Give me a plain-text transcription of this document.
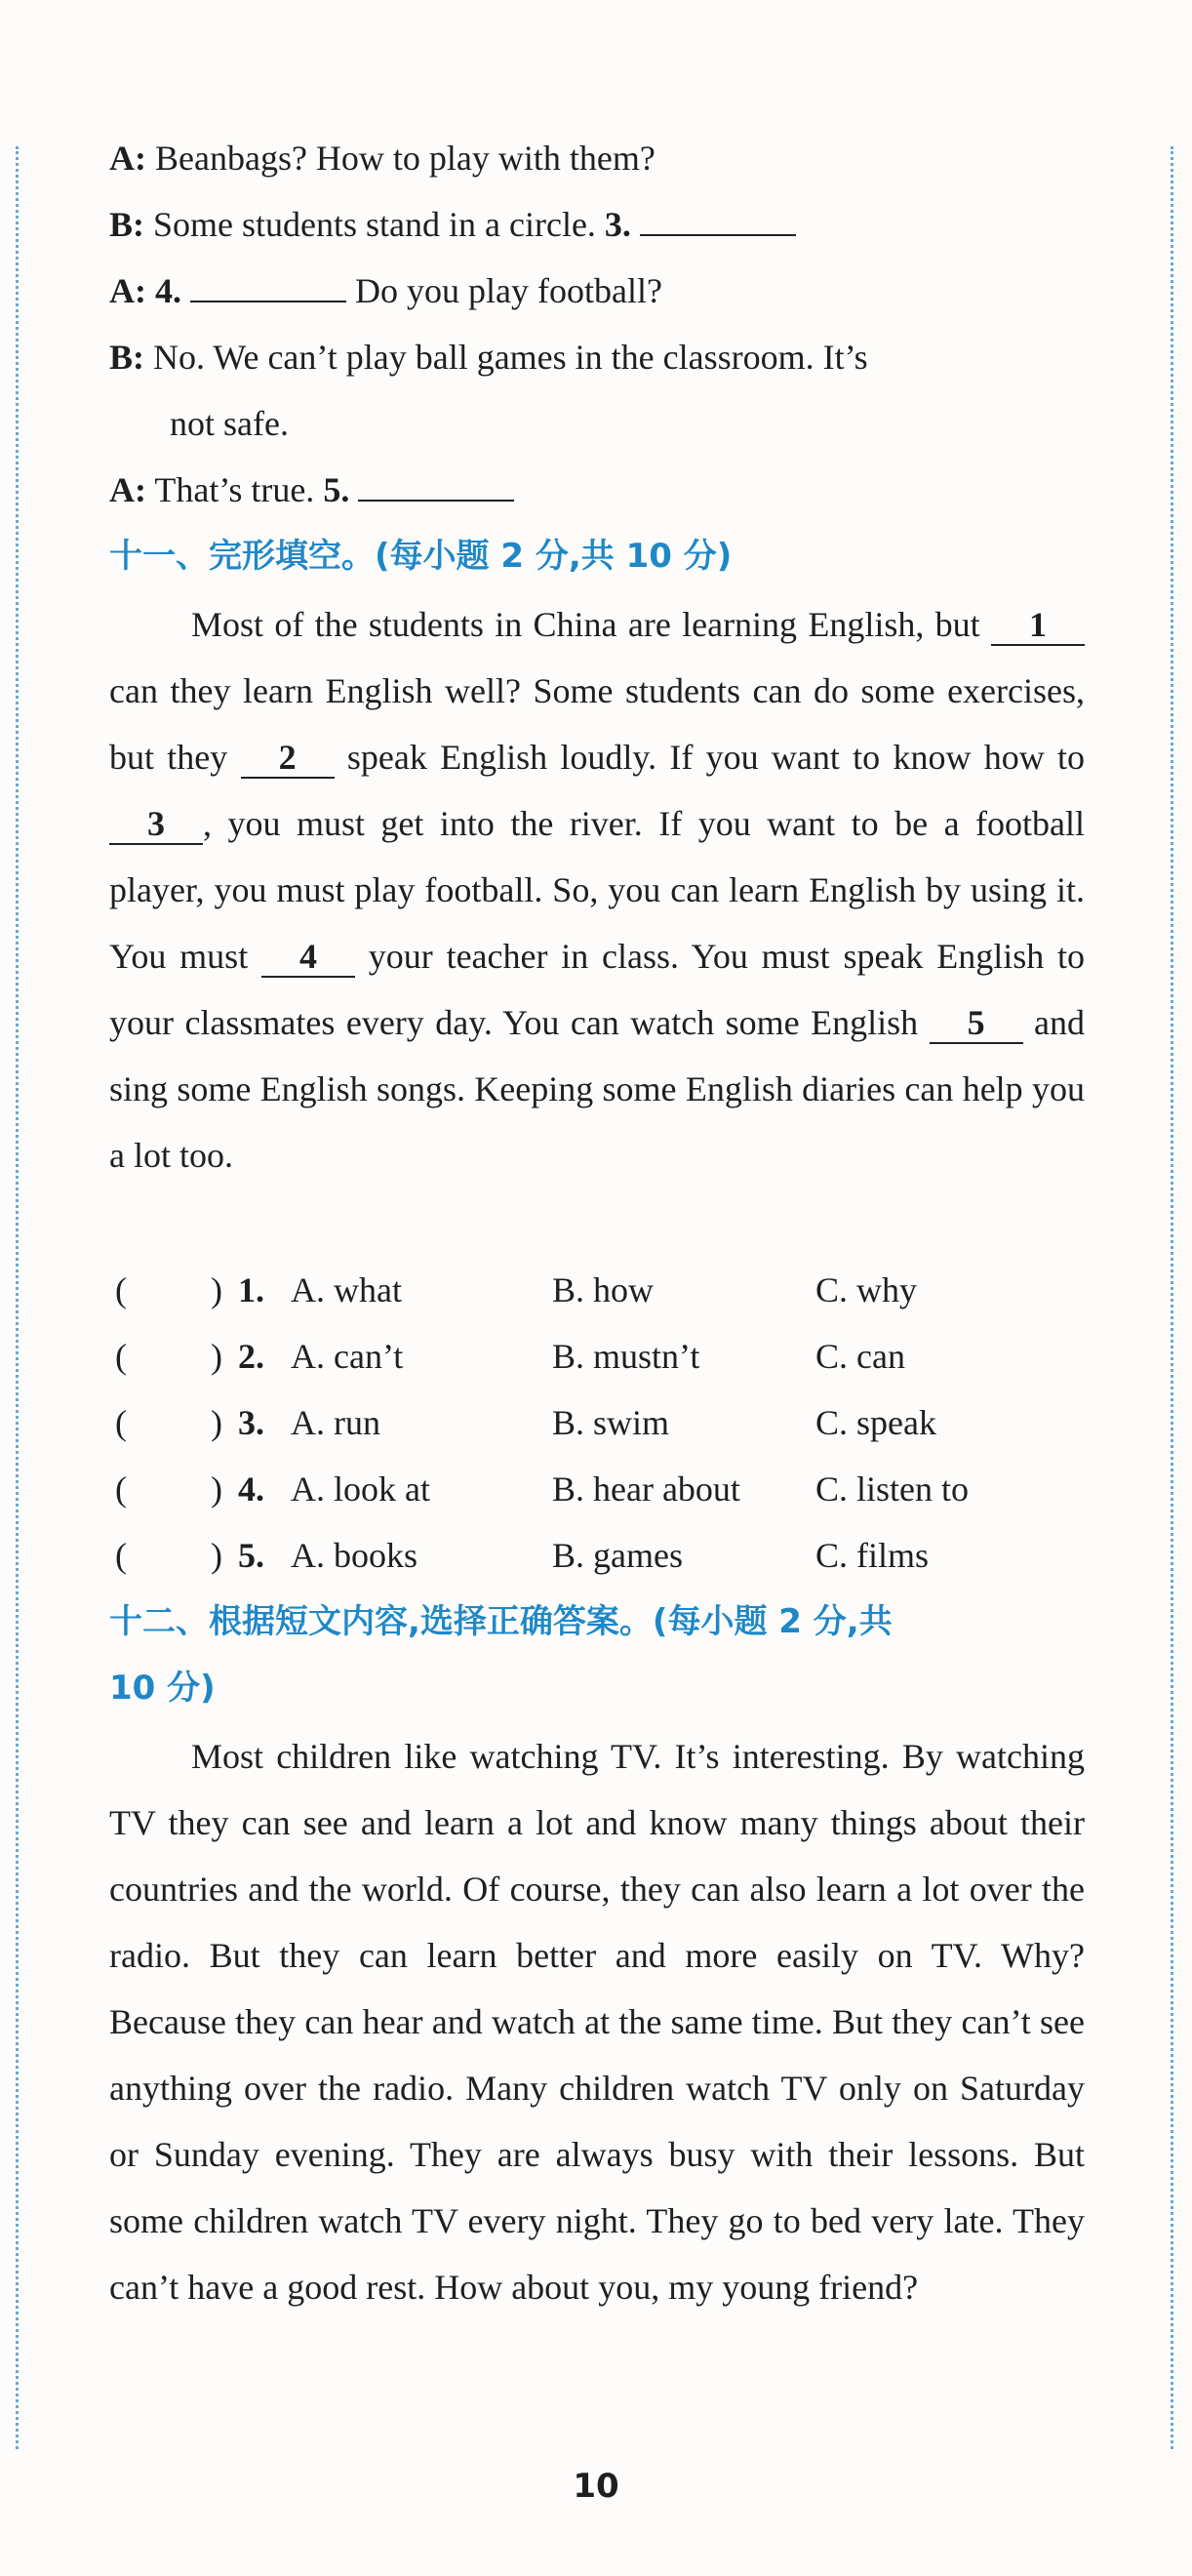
A: Beanbags? How to play with them?
B: Some students stand in a circle. 3.
A: 4.	Do you play football?
B: No. We can’t play ball games in the classroom. It’s
not safe.
A: That’s true. 5.
十一、完形填空。(每小题 2 分,共 10 分)

Most of the students in China are learning English, but 1 can they learn English well? Some students can do some exercises, but they 2 speak English loudly. If you want to know how to 3 , you must get into the river. If you want to be a football player, you must play football. So, you can learn English by using it. You must 4 your teacher in class. You must speak English to your classmates every day. You can watch some English 5 and sing some English songs. Keeping some English diaries can help you a lot too.

( ) 1. A. what	B. how	C. why
( ) 2. A. can’t	B. mustn’t	C. can
( ) 3. A. run	B. swim	C. speak
( ) 4. A. look at	B. hear about C. listen to
( ) 5. A. books	B. games	C. films
十二、根据短文内容,选择正确答案。(每小题 2 分,共
10 分)

Most children like watching TV. It’s interesting. By watching TV they can see and learn a lot and know many things about their countries and the world. Of course, they can also learn a lot over the radio. But they can learn better and more easily on TV. Why? Because they can hear and watch at the same time. But they can’t see anything over the radio. Many children watch TV only on Saturday or Sunday evening. They are always busy with their lessons. But some children watch TV every night. They go to bed very late. They can’t have a good rest. How about you, my young friend?

10
